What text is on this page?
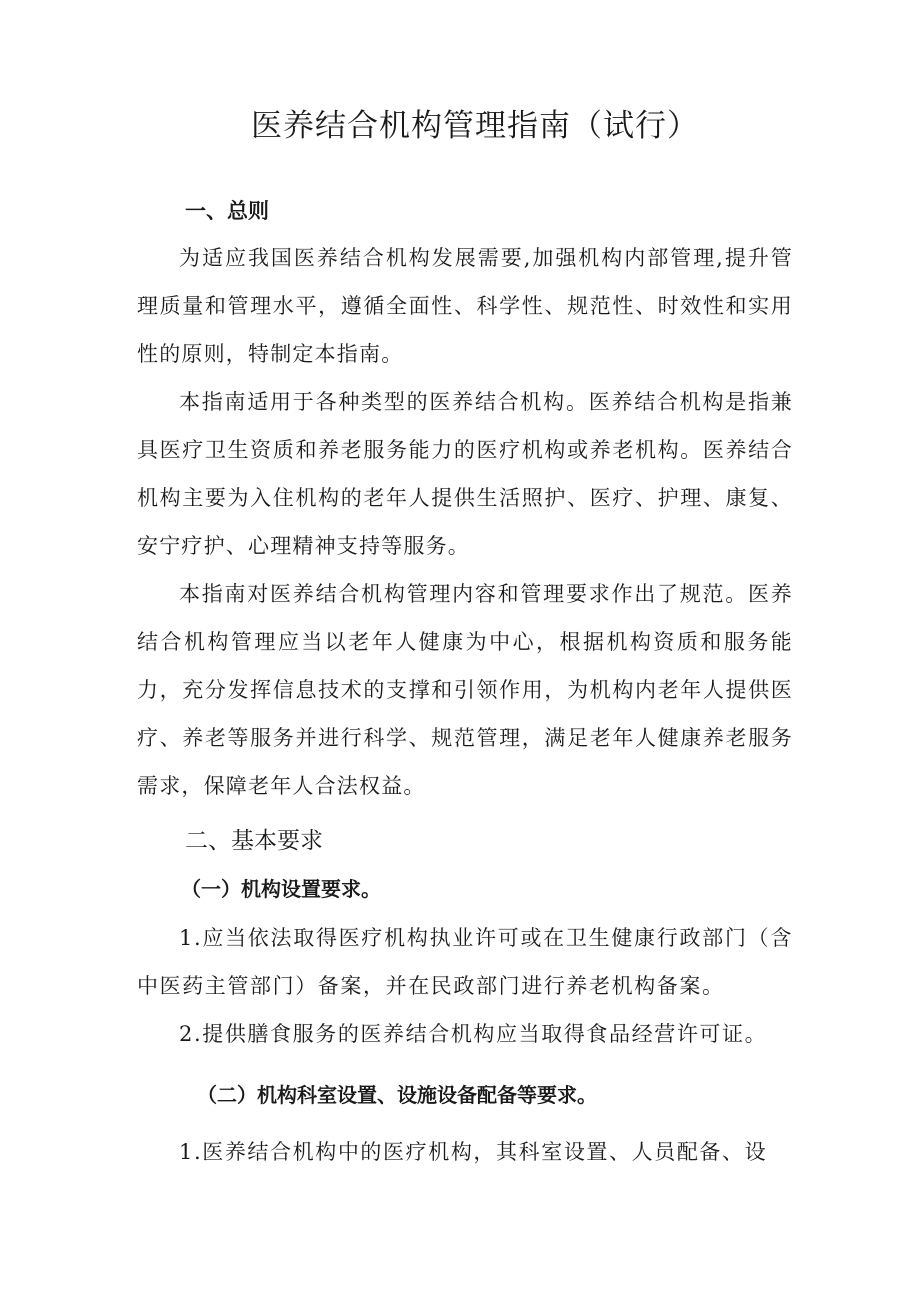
医养结合机构管理指南（试行）
一、总则

为适应我国医养结合机构发展需要,加强机构内部管理,提升管理质量和管理水平，遵循全面性、科学性、规范性、时效性和实用性的原则，特制定本指南。

本指南适用于各种类型的医养结合机构。医养结合机构是指兼具医疗卫生资质和养老服务能力的医疗机构或养老机构。医养结合机构主要为入住机构的老年人提供生活照护、医疗、护理、康复、安宁疗护、心理精神支持等服务。

本指南对医养结合机构管理内容和管理要求作出了规范。医养结合机构管理应当以老年人健康为中心，根据机构资质和服务能力，充分发挥信息技术的支撑和引领作用，为机构内老年人提供医疗、养老等服务并进行科学、规范管理，满足老年人健康养老服务需求，保障老年人合法权益。

二、基本要求
（一）机构设置要求。

1.应当依法取得医疗机构执业许可或在卫生健康行政部门（含中医药主管部门）备案，并在民政部门进行养老机构备案。

2.提供膳食服务的医养结合机构应当取得食品经营许可证。

（二）机构科室设置、设施设备配备等要求。

1.医养结合机构中的医疗机构，其科室设置、人员配备、设
